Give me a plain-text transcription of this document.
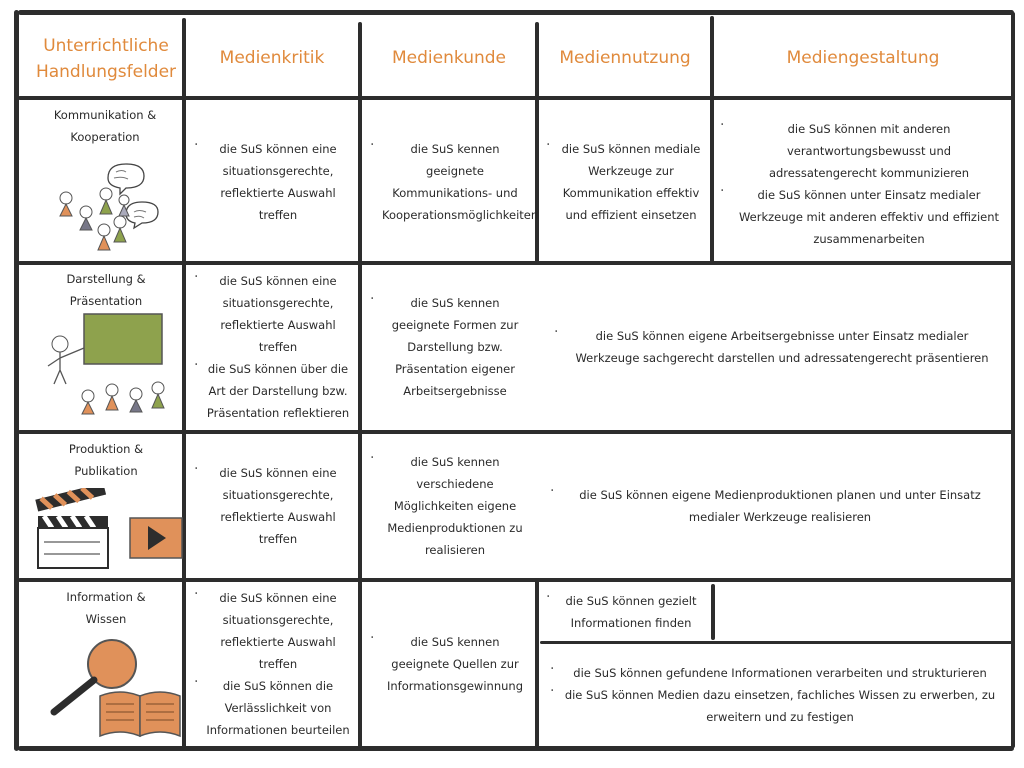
Unterrichtliche Handlungsfelder
Medienkritik	Medienkunde	Mediennutzung	Mediengestaltung
Kommunikation & Kooperation
· die SuS können eine situationsgerechte, reflektierte Auswahl treffen
· die SuS kennen geeignete Kommunikations- und Kooperationsmöglichkeiten
· die SuS können mediale Werkzeuge zur Kommunikation effektiv und effizient einsetzen
· die SuS können mit anderen verantwortungsbewusst und adressatengerecht kommunizieren
· die SuS können unter Einsatz medialer Werkzeuge mit anderen effektiv und effizient zusammenarbeiten
Darstellung & Präsentation
· die SuS können eine situationsgerechte, reflektierte Auswahl treffen
· die SuS können über die Art der Darstellung bzw. Präsentation reflektieren
· die SuS kennen geeignete Formen zur Darstellung bzw. Präsentation eigener Arbeitsergebnisse
· die SuS können eigene Arbeitsergebnisse unter Einsatz medialer Werkzeuge sachgerecht darstellen und adressatengerecht präsentieren
Produktion & Publikation
·	die SuS können eine situationsgerechte, reflektierte Auswahl treffen
· die SuS kennen verschiedene Möglichkeiten eigene Medienproduktionen zu realisieren
· die SuS können eigene Medienproduktionen planen und unter Einsatz medialer Werkzeuge realisieren
Information & Wissen
· die SuS können eine situationsgerechte, reflektierte Auswahl treffen
· die SuS können die Verlässlichkeit von Informationen beurteilen
· die SuS kennen geeignete Quellen zur Informationsgewinnung
· die SuS können gezielt Informationen finden
· die SuS können gefundene Informationen verarbeiten und strukturieren
· die SuS können Medien dazu einsetzen, fachliches Wissen zu erwerben, zu erweitern und zu festigen
